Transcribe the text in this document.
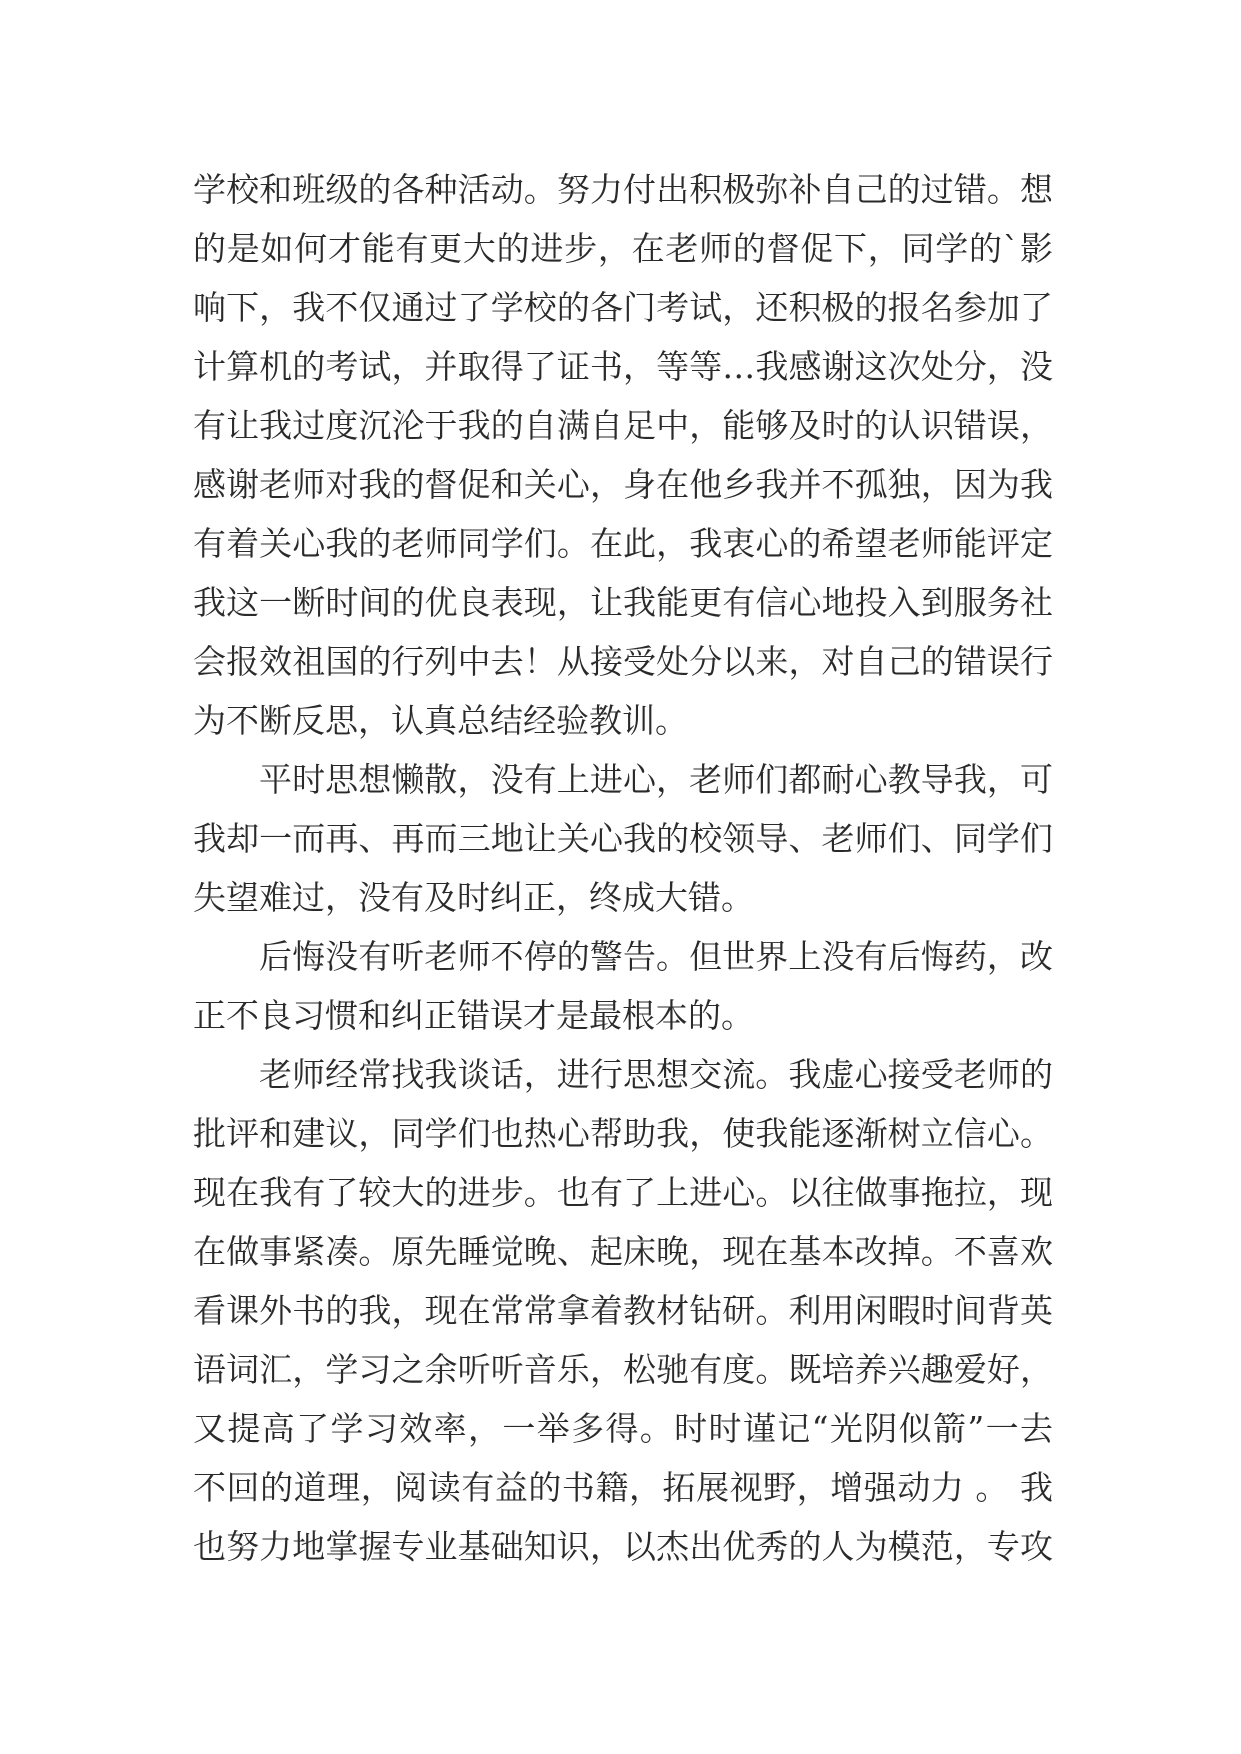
学校和班级的各种活动。努力付出积极弥补自己的过错。想
的是如何才能有更大的进步，在老师的督促下，同学的`影
响下，我不仅通过了学校的各门考试，还积极的报名参加了
计算机的考试，并取得了证书，等等…我感谢这次处分，没
有让我过度沉沦于我的自满自足中，能够及时的认识错误，
感谢老师对我的督促和关心，身在他乡我并不孤独，因为我
有着关心我的老师同学们。在此，我衷心的希望老师能评定
我这一断时间的优良表现，让我能更有信心地投入到服务社
会报效祖国的行列中去！从接受处分以来，对自己的错误行
为不断反思，认真总结经验教训。
平时思想懒散，没有上进心，老师们都耐心教导我，可
我却一而再、再而三地让关心我的校领导、老师们、同学们
失望难过，没有及时纠正，终成大错。
后悔没有听老师不停的警告。但世界上没有后悔药，改
正不良习惯和纠正错误才是最根本的。
老师经常找我谈话，进行思想交流。我虚心接受老师的
批评和建议，同学们也热心帮助我，使我能逐渐树立信心。
现在我有了较大的进步。也有了上进心。以往做事拖拉，现
在做事紧凑。原先睡觉晚、起床晚，现在基本改掉。不喜欢
看课外书的我，现在常常拿着教材钻研。利用闲暇时间背英
语词汇，学习之余听听音乐，松驰有度。既培养兴趣爱好，
又提高了学习效率，一举多得。时时谨记“光阴似箭”一去
不回的道理，阅读有益的书籍，拓展视野，增强动力 。 我
也努力地掌握专业基础知识，以杰出优秀的人为模范，专攻
